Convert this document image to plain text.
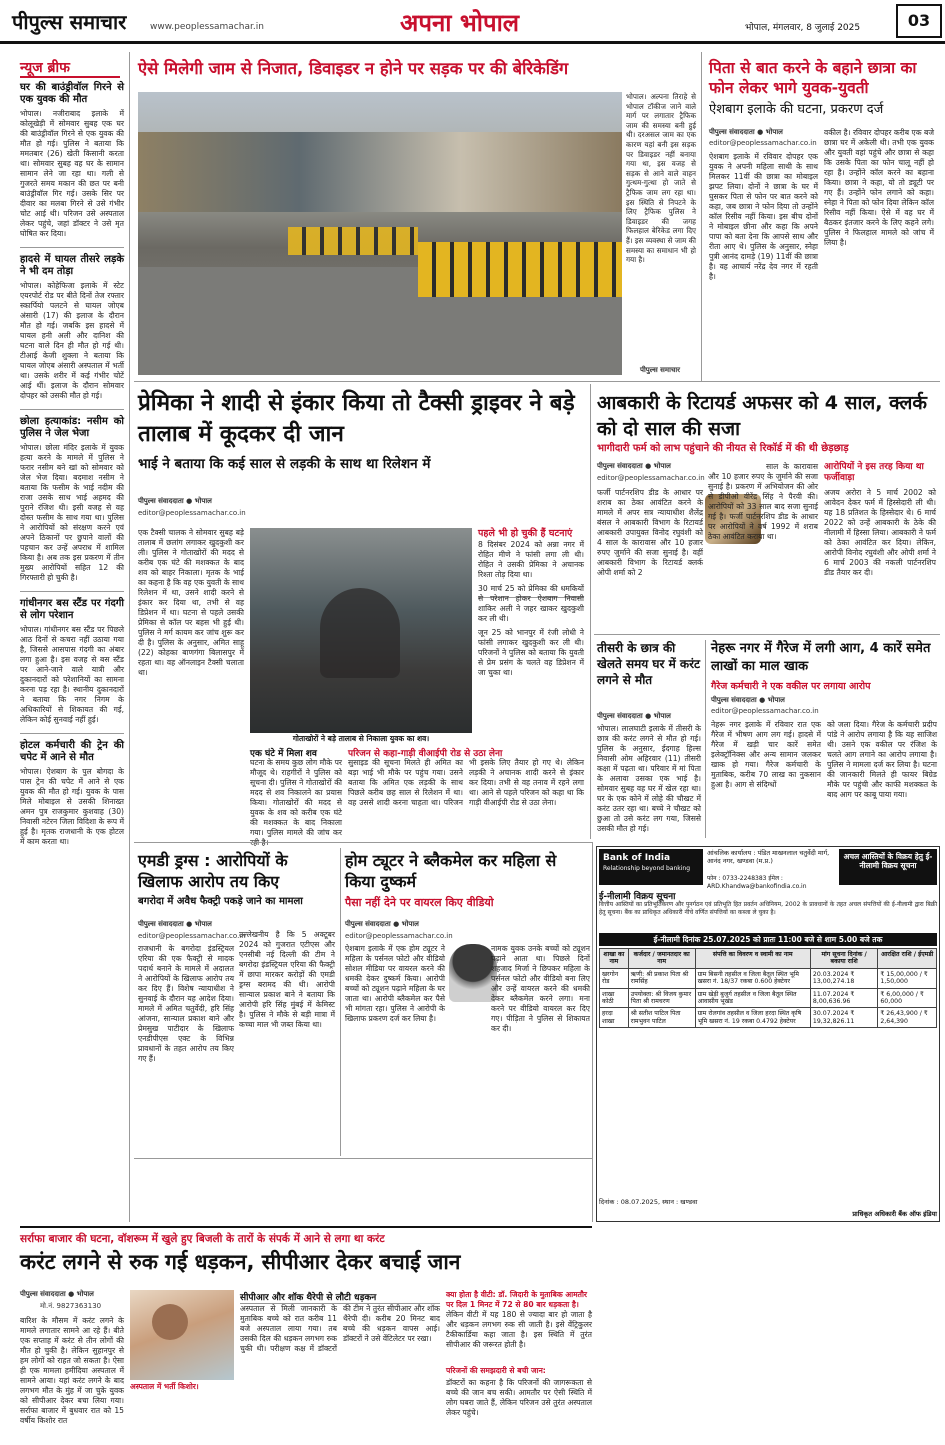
पीपुल्स समाचार	www.peoplessamachar.in	अपना भोपाल	भोपाल, मंगलवार, 8 जुलाई 2025	03
न्यूज ब्रीफ
घर की बाउंड्रीवॉल गिरने से एक युवक की मौत
भोपाल। नजीराबाद इलाके में कोलूखेड़ी में सोमवार सुबह एक घर की बाउंड्रीवॉल गिरने से एक युवक की मौत हो गई। पुलिस ने बताया कि ममतबार (26) खेती किसानी करता था। सोमवार सुबह वह घर के सामान सामान लेने जा रहा था। गली से गुजरते समय मकान की छत पर बनी बाउंड्रीवॉल गिर गई। उसके सिर पर दीवार का मलबा गिरने से उसे गंभीर चोट आई थी। परिजन उसे अस्पताल लेकर पहुंचे, जहां डॉक्टर ने उसे मृत घोषित कर दिया।
हादसे में घायल तीसरे लड़के ने भी दम तोड़ा
भोपाल। कोहेफिजा इलाके में स्टेट एयरपोर्ट रोड पर बीते दिनों तेज रफ्तार स्कार्पियो पलटने से घायल जोएब अंसारी (17) की इलाज के दौरान मौत हो गई। जबकि इस हादसे में घायल हनी अली और दानिश की घटना वाले दिन ही मौत हो गई थी। टीआई केजी शुक्ला ने बताया कि घायल जोएब अंसारी अस्पताल में भर्ती था। उसके शरीर में कई गंभीर चोटें आई थीं। इलाज के दौरान सोमवार दोपहर को उसकी मौत हो गई।
छोला हत्याकांड: नसीम को पुलिस ने जेल भेजा
भोपाल। छोला मंदिर इलाके में युवक हत्या करने के मामले में पुलिस ने फरार नसीम बने खां को सोमवार को जेल भेज दिया। बदमाश नसीम ने बताया कि फसीम के भाई नदीम की राजा उसके साथ भाई अहमद की पुराने रंजिश थी। इसी वजह से वह दोस्त फसीम के साथ गया था। पुलिस ने आरोपियों को संरक्षण करने एवं अपने ठिकानों पर छुपाने वालों की पहचान कर उन्हें अपराध में शामिल किया है। अब तक इस प्रकरण में तीन मुख्य आरोपियों सहित 12 की गिरफ्तारी हो चुकी है।
गांधीनगर बस स्टैंड पर गंदगी से लोग परेशान
भोपाल। गांधीनगर बस स्टैंड पर पिछले आठ दिनों से कचरा नहीं उठाया गया है, जिससे आसपास गंदगी का अंबार लगा हुआ है। इस वजह से बस स्टैंड पर आने-जाने वाले यात्री और दुकानदारों को परेशानियों का सामना करना पड़ रहा है। स्थानीय दुकानदारों ने बताया कि नगर निगम के अधिकारियों से शिकायत की गई, लेकिन कोई सुनवाई नहीं हुई।
होटल कर्मचारी की ट्रेन की चपेट में आने से मौत
भोपाल। ऐशबाग के पुल बोगदा के पास ट्रेन की चपेट में आने से एक युवक की मौत हो गई। युवक के पास मिले मोबाइल से उसकी शिनाख्त अमन पुत्र राजकुमार कुशवाह (30) निवासी नटेरन जिला विदिशा के रूप में हुई है। मृतक राजधानी के एक होटल में काम करता था।
ऐसे मिलेगी जाम से निजात, डिवाइडर न होने पर सड़क पर की बेरिकेडिंग
भोपाल। अल्पना तिराहे से भोपाल टॉकीज जाने वाले मार्ग पर लगातार ट्रैफिक जाम की समस्या बनी हुई थी। दरअसल जाम का एक कारण यहां बनी इस सड़क पर डिवाइडर नहीं बनाया गया था, इस वजह से सड़क से आने वाले वाहन गुत्थम-गुत्था हो जाते से ट्रैफिक जाम लग रहा था। इस स्थिति से निपटने के लिए ट्रैफिक पुलिस ने डिवाइडर की जगह फिलहाल बेरिकेड लगा दिए हैं। इस व्यवस्था से जाम की समस्या का समाधान भी हो गया है।
पीपुल्स समाचार
पिता से बात करने के बहाने छात्रा का फोन लेकर भागे युवक-युवती
ऐशबाग इलाके की घटना, प्रकरण दर्ज
पीपुल्स संवाददाता ● भोपाल
editor@peoplessamachar.co.in
ऐशबाग इलाके में रविवार दोपहर एक युवक ने अपनी महिला साथी के साथ मिलकर 11वीं की छात्रा का मोबाइल झपट लिया। दोनों ने छात्रा के घर में घुसकर पिता से फोन पर बात करने को कहा, जब छात्रा ने फोन दिया तो उन्होंने कॉल रिसीव नहीं किया। इस बीच दोनों ने मोबाइल छीना और कहा कि अपने पापा को बता देना कि आपसे साथ और रीता आए थे। पुलिस के अनुसार, स्नेहा पुत्री आनंद दामड़े (19) 11वीं की छात्रा है। वह आचार्य नरेंद्र देव नगर में रहती है।
वकील है। रविवार दोपहर करीब एक बजे छात्रा घर में अकेली थी। तभी एक युवक और युवती वहां पहुंचे और छात्रा से कहा कि उसके पिता का फोन चालू नहीं हो रहा है। उन्होंने कॉल करने का बहाना किया। छात्रा ने कहा, यो तो ड्यूटी पर गए हैं। उन्होंने फोन लगाने को कहा। स्नेहा ने पिता को फोन दिया लेकिन कॉल रिसीव नहीं किया। ऐसे में वह घर में बैठकर इंतजार करने के लिए कहने लगे। पुलिस ने फिलहाल मामले को जांच में लिया है।
प्रेमिका ने शादी से इंकार किया तो टैक्सी ड्राइवर ने बड़े तालाब में कूदकर दी जान
भाई ने बताया कि कई साल से लड़की के साथ था रिलेशन में
पीपुल्स संवाददाता ● भोपाल
editor@peoplessamachar.co.in
एक टैक्सी चालक ने सोमवार सुबह बड़े तालाब में छलांग लगाकर खुदकुशी कर ली। पुलिस ने गोताखोरों की मदद से करीब एक घंटे की मशक्कत के बाद शव को बाहर निकाला। मृतक के भाई का कहना है कि वह एक युवती के साथ रिलेशन में था, उसने शादी करने से इंकार कर दिया था, तभी से वह डिप्रेशन में था। घटना से पहले उसकी प्रेमिका से कॉल पर बहस भी हुई थी। पुलिस ने मर्ग कायम कर जांच शुरू कर दी है। पुलिस के अनुसार, अमित साहू (22) कोहका बाणगंगा बिलासपुर में रहता था। वह ऑनलाइन टैक्सी चलाता था।
गोताखोरों ने बड़े तालाब से निकाला युवक का शव।
पहले भी हो चुकी हैं घटनाएं
8 दिसंबर 2024 को अन्ना नगर में रोहित मीणे ने फांसी लगा ली थी। रोहित ने उसकी प्रेमिका ने अचानक रिश्ता तोड़ दिया था।
30 मार्च 25 को प्रेमिका की धमकियों से परेशान होकर ऐशबाग निवासी शाकिर अली ने जहर खाकर खुदकुशी कर ली थी।
जून 25 को भानपुर में रंजी लोधी ने फांसी लगाकर खुदकुशी कर ली थी। परिजनों ने पुलिस को बताया कि युवती से प्रेम प्रसंग के चलते वह डिप्रेशन में जा चुका था।
एक घंटे में मिला शव
घटना के समय कुछ लोग मौके पर मौजूद थे। राहगीरों ने पुलिस को सूचना दी। पुलिस ने गोताखोरों की मदद से शव निकालने का प्रयास किया। गोताखोरों की मदद से युवक के शव को करीब एक घंटे की मशक्कत के बाद निकाला गया। पुलिस मामले की जांच कर
परिजन से कहा-गाड़ी वीआईपी रोड से उठा लेना
सुसाइड की सूचना मिलते ही अमित का बड़ा भाई भी मौके पर पहुंच गया। उसने बताया कि अमित एक लड़की के साथ पिछले करीब छह साल से रिलेशन में था। वह उससे शादी करना चाहता था। परिजन भी इसके लिए तैयार हो गए थे। लेकिन लड़की ने अचानक शादी करने से इंकार कर दिया। तभी से वह तनाव में रहने लगा था। आने से पहले परिजन को कहा था कि गाड़ी वीआईपी रोड से उठा लेना।
आबकारी के रिटायर्ड अफसर को 4 साल, क्लर्क को दो साल की सजा
भागीदारी फर्म को लाभ पहुंचाने की नीयत से रिकॉर्ड में की थी छेड़छाड़
पीपुल्स संवाददाता ● भोपाल
editor@peoplessamachar.co.in
फर्जी पार्टनरशिप डीड के आधार पर शराब का ठेका आवंटित करने के मामले में अपर सत्र न्यायाधीश शैलेंद्र बंसल ने आबकारी विभाग के रिटायर्ड आबकारी उपायुक्त विनोद रघुवंशी को 4 साल के कारावास और 10 हजार रुपए जुर्माने की सजा सुनाई है। वहीं आबकारी विभाग के रिटायर्ड क्लर्क ओपी शर्मा को 2
साल के कारावास और 10 हजार रुपए के जुर्माने की सजा सुनाई है। प्रकरण में अभियोजन की ओर से डीपीओ वीरेंद्र सिंह ने पैरवी की। आरोपियों को 33 साल बाद सजा सुनाई गई है। फर्जी पार्टनरशिप डीड के आधार पर आरोपियों ने वर्ष 1992 में शराब ठेका आवंटित कराया था।
आरोपियों ने इस तरह किया था फर्जीवाड़ा
अजय अरोरा ने 5 मार्च 2002 को आवेदन देकर फर्म में हिस्सेदारी ली थी। यह 18 प्रतिशत के हिस्सेदार थे। 6 मार्च 2022 को उन्हें आबकारी के ठेके की नीलामी में हिस्सा लिया। आबकारी ने फर्म को ठेका आवंटित कर दिया। लेकिन, आरोपी विनोद रघुवंशी और ओपी शर्मा ने 6 मार्च 2003 की नकली पार्टनरशिप डीड तैयार कर दी।
तीसरी के छात्र की खेलते समय घर में करंट लगने से मौत
पीपुल्स संवाददाता ● भोपाल
भोपाल। लालघाटी इलाके में तीसरी के छात्र की करंट लगने से मौत हो गई। पुलिस के अनुसार, ईदगाह हिल्स निवासी ओम अहिरवार (11) तीसरी कक्षा में पढ़ता था। परिवार में मां पिता के अलावा उसका एक भाई है। सोमवार सुबह वह घर में खेल रहा था। घर के एक कोने में लोहे की चौखट में करंट उतर रहा था। बच्चे ने चौखट को छुआ तो उसे करंट लग गया, जिससे उसकी मौत हो गई।
नेहरू नगर में गैरेज में लगी आग, 4 कारें समेत लाखों का माल खाक
गैरेज कर्मचारी ने एक वकील पर लगाया आरोप
पीपुल्स संवाददाता ● भोपाल
editor@peoplessamachar.co.in
नेहरू नगर इलाके में रविवार रात एक गैरेज में भीषण आग लग गई। हादसे में गैरेज में खड़ी चार कारें समेत इलेक्ट्रॉनिक्स और अन्य सामान जलकर खाक हो गया। गैरेज कर्मचारी के मुताबिक, करीब 70 लाख का नुकसान हुआ है। आग से संदिग्धों
को जला दिया। गैरेज के कर्मचारी प्रदीप पांडे ने आरोप लगाया है कि यह साजिश थी। उसने एक वकील पर रंजिश के चलते आग लगाने का आरोप लगाया है। पुलिस ने मामला दर्ज कर लिया है। घटना की जानकारी मिलते ही फायर बिग्रेड मौके पर पहुंची और काफी मशक्कत के बाद आग पर काबू पाया गया।
एमडी ड्रग्स : आरोपियों के खिलाफ आरोप तय किए
बगरोदा में अवैध फैक्ट्री पकड़े जाने का मामला
पीपुल्स संवाददाता ● भोपाल
editor@peoplessamachar.co.in
राजधानी के बगरोदा इंडस्ट्रियल एरिया की एक फैक्ट्री से मादक पदार्थ बनाने के मामले में अदालत ने आरोपियों के खिलाफ आरोप तय कर दिए हैं। विशेष न्यायाधीश ने सुनवाई के दौरान यह आदेश दिया। मामले में अमित चतुर्वेदी, हरि सिंह आंजना, सान्याल प्रकाश बाने और प्रेमसुख पाटीदार के खिलाफ एनडीपीएस एक्ट के विभिन्न प्रावधानों के तहत आरोप तय किए गए हैं।
उल्लेखनीय है कि 5 अक्टूबर 2024 को गुजरात एटीएस और एनसीबी नई दिल्ली की टीम ने बगरोदा इंडस्ट्रियल एरिया की फैक्ट्री में छापा मारकर करोड़ों की एमडी ड्रग्स बरामद की थी। आरोपी सान्याल प्रकाश बाने ने बताया कि आरोपी हरि सिंह मुंबई में केमिस्ट है। पुलिस ने मौके से बड़ी मात्रा में कच्चा माल भी जब्त किया था।
होम ट्यूटर ने ब्लैकमेल कर महिला से किया दुष्कर्म
पैसा नहीं देने पर वायरल किए वीडियो
पीपुल्स संवाददाता ● भोपाल
editor@peoplessamachar.co.in
ऐशबाग इलाके में एक होम ट्यूटर ने महिला के पर्सनल फोटो और वीडियो सोशल मीडिया पर वायरल करने की धमकी देकर दुष्कर्म किया। आरोपी बच्चों को ट्यूशन पढ़ाने महिला के घर जाता था। आरोपी ब्लैकमेल कर पैसे भी मांगता रहा। पुलिस ने आरोपी के खिलाफ प्रकरण दर्ज कर लिया है।
नामक युवक उनके बच्चों को ट्यूशन पढ़ाने आता था। पिछले दिनों शहजाद मिर्जा ने छिपकर महिला के पर्सनल फोटो और वीडियो बना लिए और उन्हें वायरल करने की धमकी देकर ब्लैकमेल करने लगा। मना करने पर वीडियो वायरल कर दिए गए। पीड़िता ने पुलिस से शिकायत कर दी।
Bank of India
Relationship beyond banking
आंचलिक कार्यालय : पंडित माखनलाल चतुर्वेदी मार्ग, आनंद नगर, खण्डवा (म.प्र.)
फोन : 0733-2248383 ईमेल : ARD.Khandwa@bankofindia.co.in
अचल आस्तियों के विक्रय हेतु ई-नीलामी विक्रय सूचना
ई-नीलामी विक्रय सूचना
वित्तीय आस्तियों का प्रतिभूतिकरण और पुनर्गठन एवं प्रतिभूति हित प्रवर्तन अधिनियम, 2002 के प्रावधानों के तहत अचल संपत्तियों की ई-नीलामी द्वारा बिक्री हेतु सूचना। बैंक का प्राधिकृत अधिकारी नीचे वर्णित संपत्तियों का कब्जा ले चुका है।
ई-नीलामी दिनांक 25.07.2025 को प्रातः 11:00 बजे से शाम 5.00 बजे तक
शाखा का नाम	कर्जदार / जमानतदार का नाम	संपत्ति का विवरण व स्वामी का नाम	मांग सूचना दिनांक / बकाया राशि	आरक्षित राशि / ईएमडी
खरगोन रोड	ऋणी: श्री प्रकाश पिता श्री रामसिंह	ग्राम बिसनी तहसील व जिला बैतूल स्थित भूमि खसरा नं. 18/37 रकबा 0.600 हेक्टेयर	20.03.2024 ₹ 13,00,274.18	₹ 15,00,000 / ₹ 1,50,000
शाखा कोठी	उपयोक्ता: श्री विजय कुमार पिता श्री रामचरण	ग्राम खेड़ी बुजुर्ग तहसील व जिला बैतूल स्थित आवासीय भूखंड	11.07.2024 ₹ 8,00,636.96	₹ 6,00,000 / ₹ 60,000
हरदा शाखा	श्री सतीश पाटिल पिता रामभुवन पाटिल	ग्राम रोलगांव तहसील व जिला हरदा स्थित कृषि भूमि खसरा नं. 19 रकबा 0.4792 हेक्टेयर	30.07.2024 ₹ 19,32,826.11	₹ 26,43,900 / ₹ 2,64,390
दिनांक : 08.07.2025, स्थान : खण्डवा
प्राधिकृत अधिकारी बैंक ऑफ इंडिया
सर्राफा बाजार की घटना, वॉशरूम में खुले हुए बिजली के तारों के संपर्क में आने से लगा था करंट
करंट लगने से रुक गई धड़कन, सीपीआर देकर बचाई जान
पीपुल्स संवाददाता ● भोपाल
मो.नं. 9827363130
बारिश के मौसम में करंट लगने के मामले लगातार सामने आ रहे हैं। बीते एक सप्ताह में करंट से तीन लोगों की मौत हो चुकी है। लेकिन सुहानपुर से हम लोगों को राहत जो सकता है। ऐसा ही एक मामला हमीदिया अस्पताल में सामने आया। यहां करंट लगने के बाद लगभग मौत के मुंह में जा चुके युवक को सीपीआर देकर बचा लिया गया। सर्राफा बाजार में बुधवार रात को 15 वर्षीय किशोर रात
अस्पताल में भर्ती किशोर।
सीपीआर और शॉक थैरेपी से लौटी धड़कन
अस्पताल से मिली जानकारी के मुताबिक बच्चे को रात करीब 11 बजे अस्पताल लाया गया। तब उसकी दिल की धड़कन लगभग रुक चुकी थी। परीक्षण कक्ष में डॉक्टरों की टीम ने तुरंत सीपीआर और शॉक थैरेपी दी। करीब 20 मिनट बाद बच्चे की धड़कन वापस आई। डॉक्टरों ने उसे वेंटिलेटर पर रखा।
क्या होता है वीटी: डॉ. जिदारी के मुताबिक आमतौर पर दिल 1 मिनट में 72 से 80 बार धड़कता है।
लेकिन वीटी में यह 180 से ज्यादा बार हो जाता है और धड़कन लगभग रुक सी जाती है। इसे वेंट्रिकुलर टैकीकार्डिया कहा जाता है। इस स्थिति में तुरंत सीपीआर की जरूरत होती है।
परिजनों की समझदारी से बची जान:
डॉक्टरों का कहना है कि परिजनों की जागरूकता से बच्चे की जान बच सकी। आमतौर पर ऐसी स्थिति में लोग घबरा जाते हैं, लेकिन परिजन उसे तुरंत अस्पताल लेकर पहुंचे।
